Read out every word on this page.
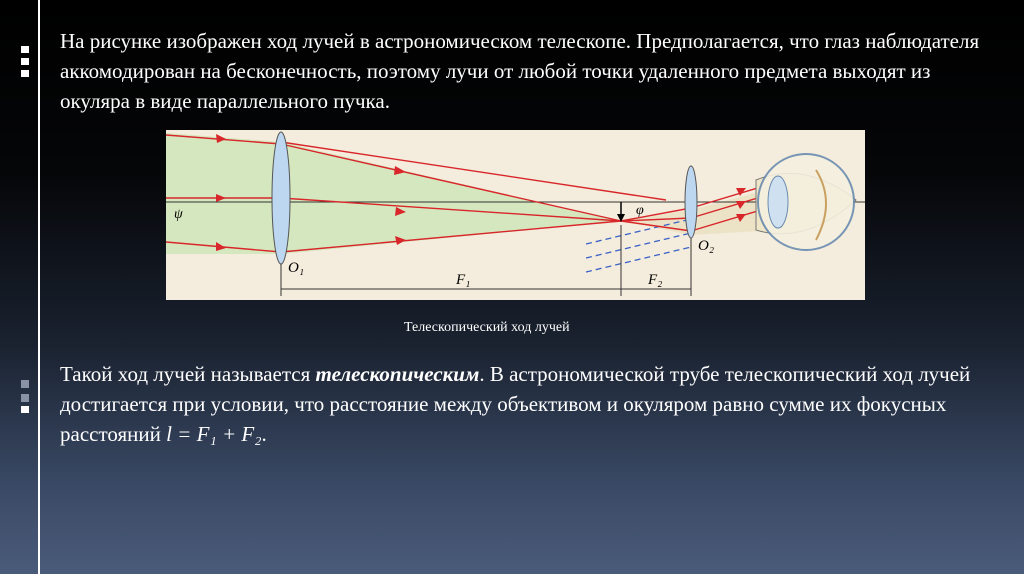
На рисунке изображен ход лучей в астрономическом телескопе. Предполагается, что глаз наблюдателя аккомодирован на бесконечность, поэтому лучи от любой точки удаленного предмета выходят из окуляра в виде параллельного пучка.

ψ	φ
O₁
O₂
F₁	F₂
Телескопический ход лучей

Такой ход лучей называется телескопическим. В астрономической трубе телескопический ход лучей достигается при условии, что расстояние между объективом и окуляром равно сумме их фокусных расстояний l = F₁ + F₂.
